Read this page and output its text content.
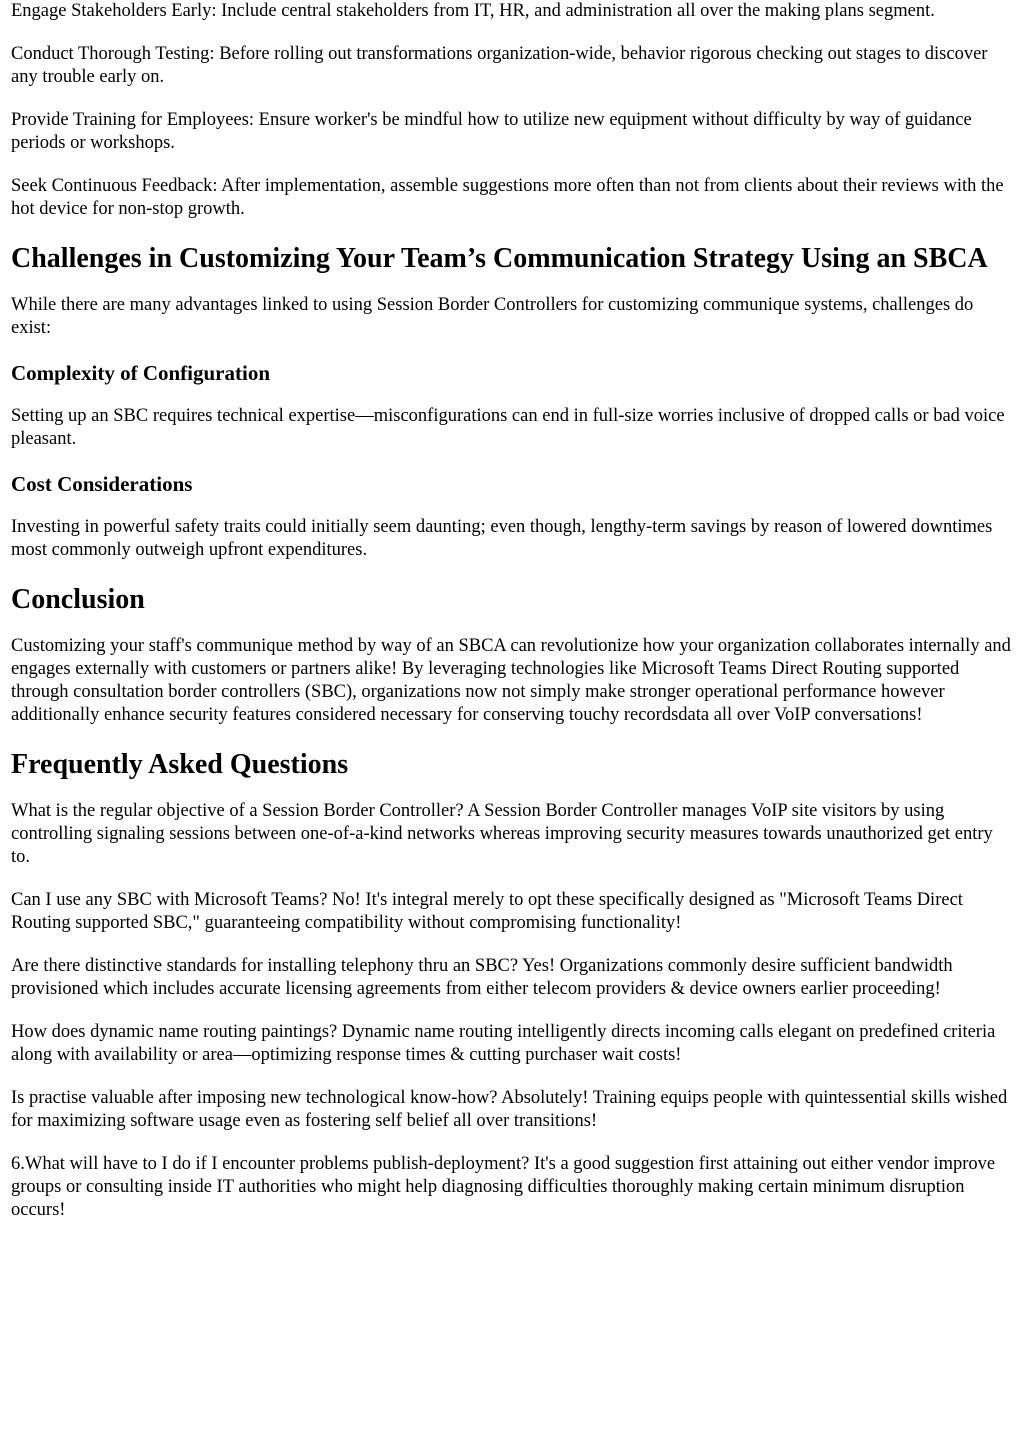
Engage Stakeholders Early: Include central stakeholders from IT, HR, and administration all over the making plans segment.

Conduct Thorough Testing: Before rolling out transformations organization-wide, behavior rigorous checking out stages to discover any trouble early on.

Provide Training for Employees: Ensure worker's be mindful how to utilize new equipment without difficulty by way of guidance periods or workshops.

Seek Continuous Feedback: After implementation, assemble suggestions more often than not from clients about their reviews with the hot device for non-stop growth.

Challenges in Customizing Your Team’s Communication Strategy Using an SBCA

While there are many advantages linked to using Session Border Controllers for customizing communique systems, challenges do exist:

Complexity of Configuration

Setting up an SBC requires technical expertise—misconfigurations can end in full-size worries inclusive of dropped calls or bad voice pleasant.

Cost Considerations

Investing in powerful safety traits could initially seem daunting; even though, lengthy-term savings by reason of lowered downtimes most commonly outweigh upfront expenditures.

Conclusion

Customizing your staff's communique method by way of an SBCA can revolutionize how your organization collaborates internally and engages externally with customers or partners alike! By leveraging technologies like Microsoft Teams Direct Routing supported through consultation border controllers (SBC), organizations now not simply make stronger operational performance however additionally enhance security features considered necessary for conserving touchy recordsdata all over VoIP conversations!

Frequently Asked Questions

What is the regular objective of a Session Border Controller? A Session Border Controller manages VoIP site visitors by using controlling signaling sessions between one-of-a-kind networks whereas improving security measures towards unauthorized get entry to.

Can I use any SBC with Microsoft Teams? No! It's integral merely to opt these specifically designed as "Microsoft Teams Direct Routing supported SBC," guaranteeing compatibility without compromising functionality!

Are there distinctive standards for installing telephony thru an SBC? Yes! Organizations commonly desire sufficient bandwidth provisioned which includes accurate licensing agreements from either telecom providers & device owners earlier proceeding!

How does dynamic name routing paintings? Dynamic name routing intelligently directs incoming calls elegant on predefined criteria along with availability or area—optimizing response times & cutting purchaser wait costs!

Is practise valuable after imposing new technological know-how? Absolutely! Training equips people with quintessential skills wished for maximizing software usage even as fostering self belief all over transitions!

6.What will have to I do if I encounter problems publish-deployment? It's a good suggestion first attaining out either vendor improve groups or consulting inside IT authorities who might help diagnosing difficulties thoroughly making certain minimum disruption occurs!
